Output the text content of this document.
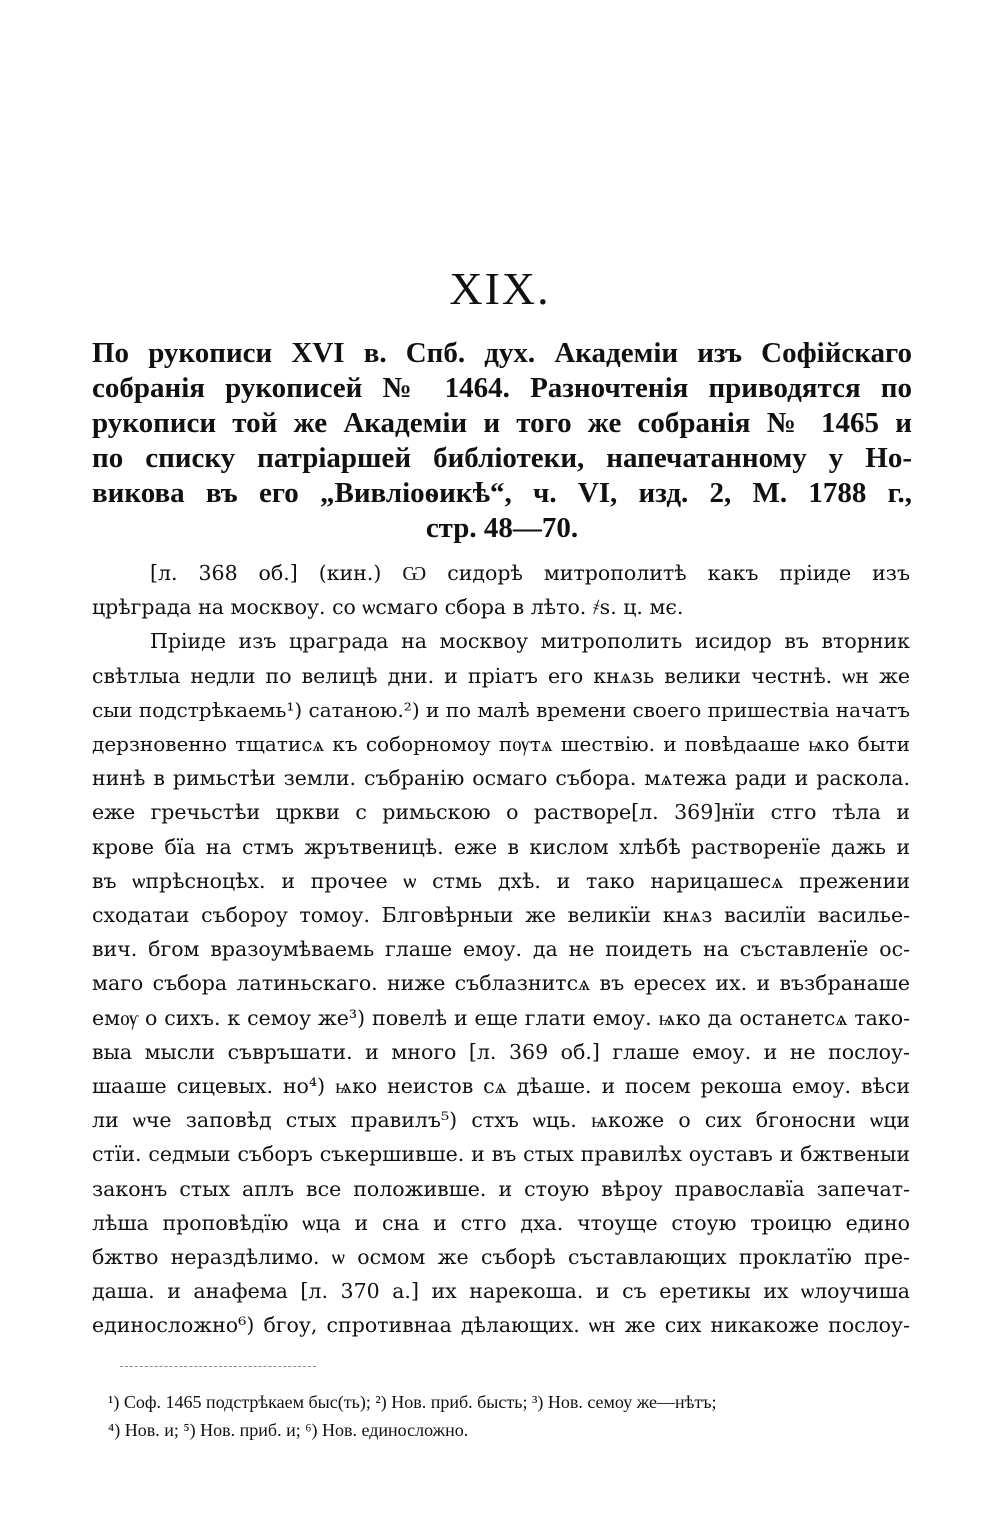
XIX.
По рукописи XVI в. Спб. дух. Академіи изъ Софійскаго
собранія рукописей № 1464. Разночтенія приводятся по
рукописи той же Академіи и того же собранія № 1465 и
по списку патріаршей библіотеки, напечатанному у Но-
викова въ его „Вивліоѳикѣ“, ч. VI, изд. 2, М. 1788 г.,
стр. 48—70.
[л. 368 об.] (кин.) Ѡ сидорѣ митрополитѣ какъ пріиде изъ
црѣграда на москвоу. со ѡсмаго сбора в лѣто. ҂ѕ. ц. мє.
Пріиде изъ цраграда на москвоу митрополить исидор въ вторник
свѣтлыа недли по велицѣ дни. и пріатъ его кнѧзь велики честнѣ. ѡн же
сыи подстрѣкаемь¹) сатаною.²) и по малѣ времени своего пришествіа начатъ
дерзновенно тщатисѧ къ соборномоу пѹтѧ шествію. и повѣдааше ѩко быти
нинѣ в римьстѣи земли. събранію осмаго събора. мѧтежа ради и раскола.
еже гречьстѣи цркви с римьскою о растворе[л. 369]нїи стго тѣла и
крове бїа на стмъ жрътвеницѣ. еже в кислом хлѣбѣ растворенїе дажь и
въ ѡпрѣсноцѣх. и прочее ѡ стмь дхѣ. и тако нарицашесѧ прежении
сходатаи събороу томоу. Блговѣрныи же великїи кнѧз василїи василье-
вич. бгом вразоумѣваемь глаше емоу. да не поидеть на съставленїе ос-
маго събора латиньскаго. ниже съблазнитсѧ въ ересех их. и възбранаше
емѹ о сихъ. к семоу же³) повелѣ и еще глати емоу. ѩко да останетсѧ тако-
выа мысли съвръшати. и много [л. 369 об.] глаше емоу. и не послоу-
шааше сицевых. но⁴) ѩко неистов сѧ дѣаше. и посем рекоша емоу. вѣси
ли ѡче заповѣд стых правилъ⁵) стхъ ѡць. ѩкоже о сих бгоносни ѡци
стїи. седмыи съборъ съкершивше. и въ стых правилѣх оуставъ и бжтвеныи
законъ стых аплъ все положивше. и стоую вѣроу православїа запечат-
лѣша проповѣдїю ѡца и сна и стго дха. чтоуще стоую троицю едино
бжтво нераздѣлимо. ѡ осмом же съборѣ съставлающих проклатїю пре-
даша. и анафема [л. 370 а.] их нарекоша. и съ еретикы их ѡлоучиша
единосложно⁶) бгоу, спротивнаа дѣлающих. ѡн же сих никакоже послоу-
¹) Соф. 1465 подстрѣкаем быс(ть); ²) Нов. приб. бысть; ³) Нов. семоу же—нѣтъ;
⁴) Нов. и; ⁵) Нов. приб. и; ⁶) Нов. единосложно.
